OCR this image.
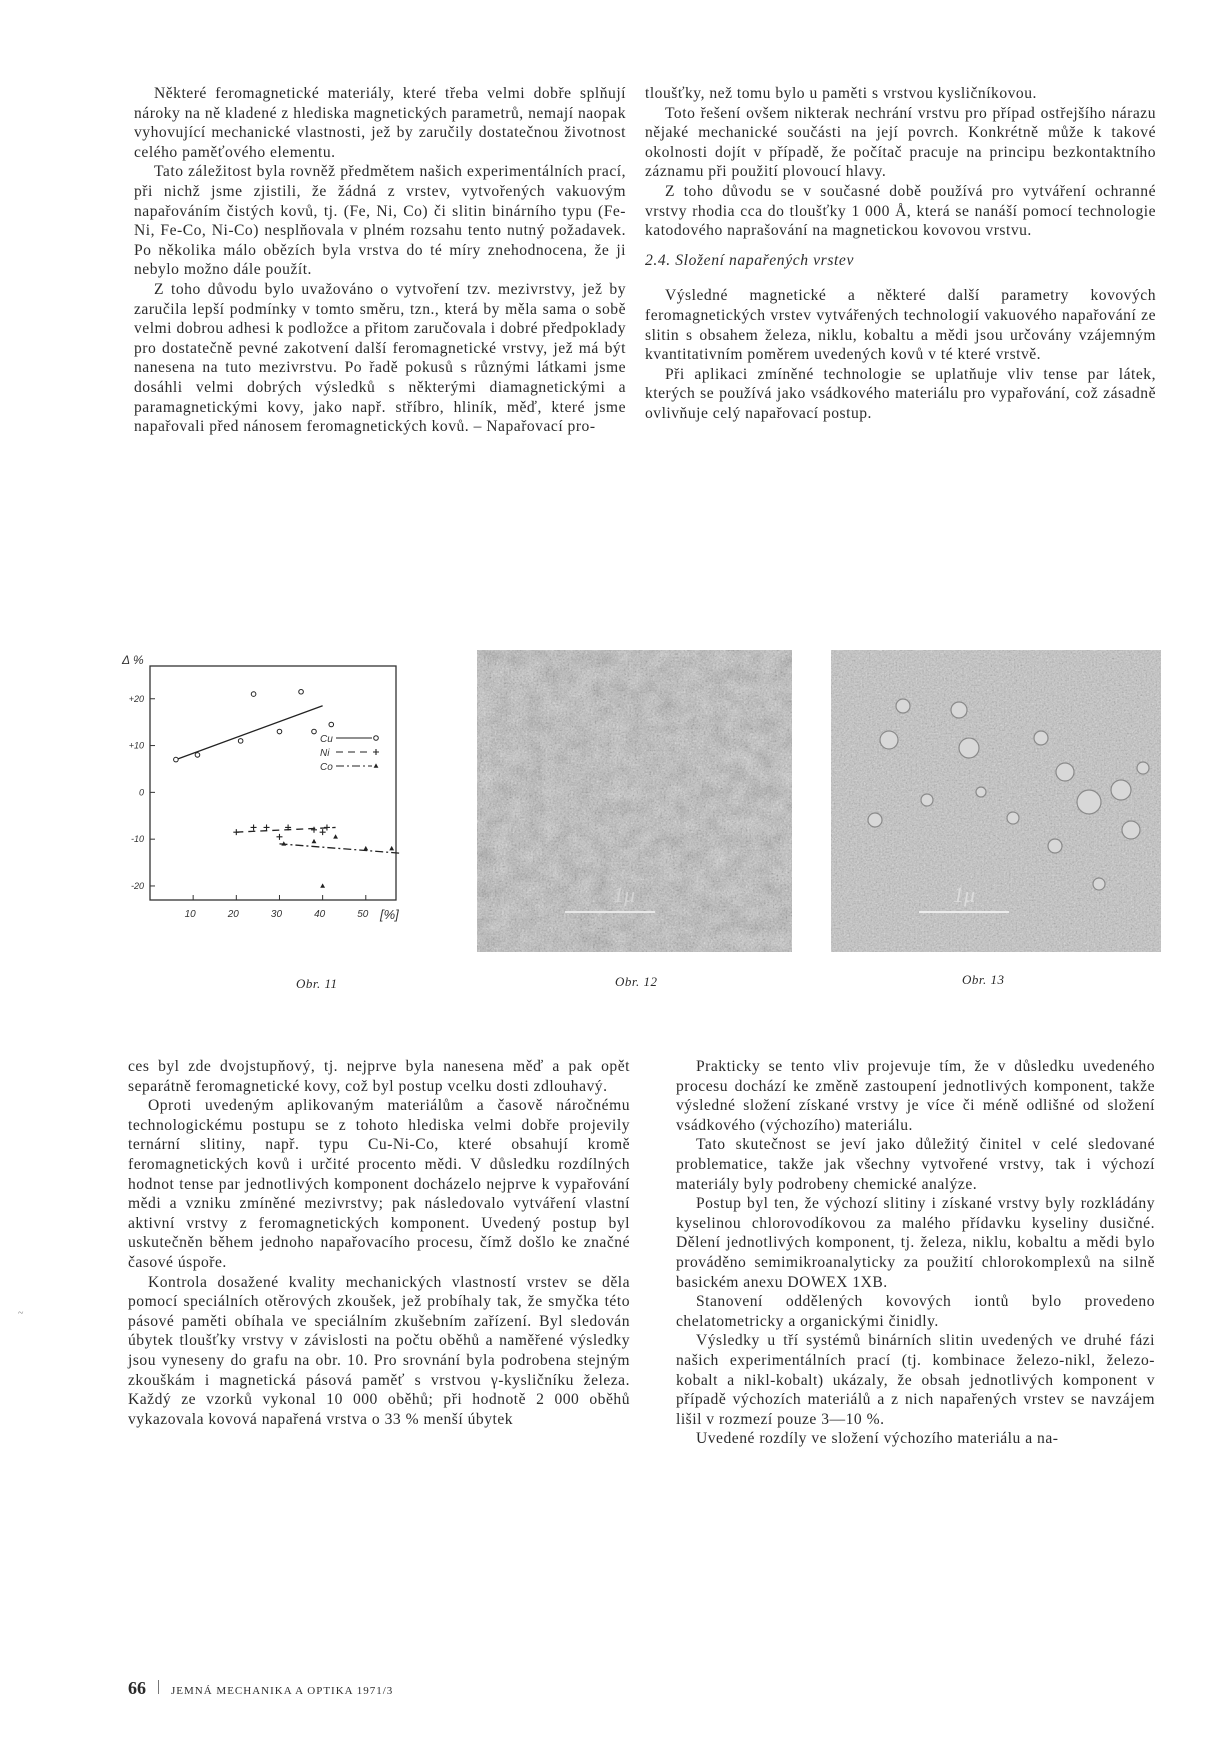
Některé feromagnetické materiály, které třeba velmi dobře splňují nároky na ně kladené z hlediska magnetických parametrů, nemají naopak vyhovující mechanické vlastnosti, jež by zaručily dostatečnou životnost celého paměťového elementu.

Tato záležitost byla rovněž předmětem našich experimentálních prací, při nichž jsme zjistili, že žádná z vrstev, vytvořených vakuovým napařováním čistých kovů, tj. (Fe, Ni, Co) či slitin binárního typu (Fe-Ni, Fe-Co, Ni-Co) nesplňovala v plném rozsahu tento nutný požadavek. Po několika málo obězích byla vrstva do té míry znehodnocena, že ji nebylo možno dále použít.

Z toho důvodu bylo uvažováno o vytvoření tzv. mezivrstvy, jež by zaručila lepší podmínky v tomto směru, tzn., která by měla sama o sobě velmi dobrou adhesi k podložce a přitom zaručovala i dobré předpoklady pro dostatečně pevné zakotvení další feromagnetické vrstvy, jež má být nanesena na tuto mezivrstvu. Po řadě pokusů s různými látkami jsme dosáhli velmi dobrých výsledků s některými diamagnetickými a paramagnetickými kovy, jako např. stříbro, hliník, měď, které jsme napařovali před nánosem feromagnetických kovů. – Napařovací pro-

tloušťky, než tomu bylo u paměti s vrstvou kysličníkovou.

Toto řešení ovšem nikterak nechrání vrstvu pro případ ostřejšího nárazu nějaké mechanické součásti na její povrch. Konkrétně může k takové okolnosti dojít v případě, že počítač pracuje na principu bezkontaktního záznamu při použití plovoucí hlavy.

Z toho důvodu se v současné době používá pro vytváření ochranné vrstvy rhodia cca do tloušťky 1 000 Å, která se nanáší pomocí technologie katodového naprašování na magnetickou kovovou vrstvu.

2.4. Složení napařených vrstev

Výsledné magnetické a některé další parametry kovových feromagnetických vrstev vytvářených technologií vakuového napařování ze slitin s obsahem železa, niklu, kobaltu a mědi jsou určovány vzájemným kvantitativním poměrem uvedených kovů v té které vrstvě.

Při aplikaci zmíněné technologie se uplatňuje vliv tense par látek, kterých se používá jako vsádkového materiálu pro vypařování, což zásadně ovlivňuje celý napařovací postup.

ces byl zde dvojstupňový, tj. nejprve byla nanesena měď a pak opět separátně feromagnetické kovy, což byl postup vcelku dosti zdlouhavý.

Oproti uvedeným aplikovaným materiálům a časově náročnému technologickému postupu se z tohoto hlediska velmi dobře projevily ternární slitiny, např. typu Cu-Ni-Co, které obsahují kromě feromagnetických kovů i určité procento mědi. V důsledku rozdílných hodnot tense par jednotlivých komponent docházelo nejprve k vypařování mědi a vzniku zmíněné mezivrstvy; pak následovalo vytváření vlastní aktivní vrstvy z feromagnetických komponent. Uvedený postup byl uskutečněn během jednoho napařovacího procesu, čímž došlo ke značné časové úspoře.

Kontrola dosažené kvality mechanických vlastností vrstev se děla pomocí speciálních otěrových zkoušek, jež probíhaly tak, že smyčka této pásové paměti obíhala ve speciálním zkušebním zařízení. Byl sledován úbytek tloušťky vrstvy v závislosti na počtu oběhů a naměřené výsledky jsou vyneseny do grafu na obr. 10. Pro srovnání byla podrobena stejným zkouškám i magnetická pásová paměť s vrstvou γ-kysličníku železa. Každý ze vzorků vykonal 10 000 oběhů; při hodnotě 2 000 oběhů vykazovala kovová napařená vrstva o 33 % menší úbytek

Prakticky se tento vliv projevuje tím, že v důsledku uvedeného procesu dochází ke změně zastoupení jednotlivých komponent, takže výsledné složení získané vrstvy je více či méně odlišné od složení vsádkového (výchozího) materiálu.

Tato skutečnost se jeví jako důležitý činitel v celé sledované problematice, takže jak všechny vytvořené vrstvy, tak i výchozí materiály byly podrobeny chemické analýze.

Postup byl ten, že výchozí slitiny i získané vrstvy byly rozkládány kyselinou chlorovodíkovou za malého přídavku kyseliny dusičné. Dělení jednotlivých komponent, tj. železa, niklu, kobaltu a mědi bylo prováděno semimikroanalyticky za použití chlorokomplexů na silně basickém anexu DOWEX 1XB.

Stanovení oddělených kovových iontů bylo provedeno chelatometricky a organickými činidly.

Výsledky u tří systémů binárních slitin uvedených ve druhé fázi našich experimentálních prací (tj. kombinace železo-nikl, železo-kobalt a nikl-kobalt) ukázaly, že obsah jednotlivých komponent v případě výchozích materiálů a z nich napařených vrstev se navzájem lišil v rozmezí pouze 3—10 %.

Uvedené rozdíly ve složení výchozího materiálu a na-

Δ %
+20
+10
0
-10
-20
10	20	30	40	50 [%]
Cu
Ni
Co
Obr. 11
1μ
Obr. 12
1μ
Obr. 13
66 JEMNÁ MECHANIKA A OPTIKA 1971/3
~
